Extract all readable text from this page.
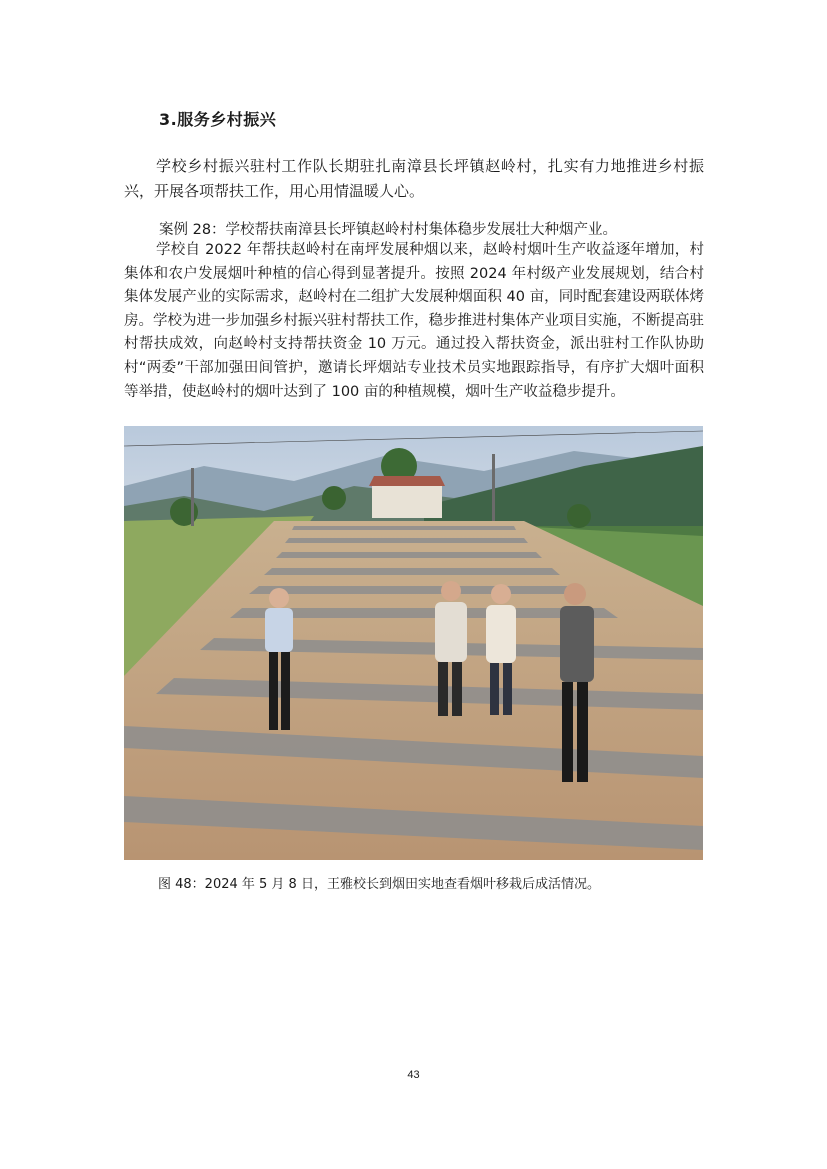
3.服务乡村振兴

学校乡村振兴驻村工作队长期驻扎南漳县长坪镇赵岭村，扎实有力地推进乡村振兴，开展各项帮扶工作，用心用情温暖人心。

案例 28：学校帮扶南漳县长坪镇赵岭村村集体稳步发展壮大种烟产业。

学校自 2022 年帮扶赵岭村在南坪发展种烟以来，赵岭村烟叶生产收益逐年增加，村集体和农户发展烟叶种植的信心得到显著提升。按照 2024 年村级产业发展规划，结合村集体发展产业的实际需求，赵岭村在二组扩大发展种烟面积 40 亩，同时配套建设两联体烤房。学校为进一步加强乡村振兴驻村帮扶工作，稳步推进村集体产业项目实施，不断提高驻村帮扶成效，向赵岭村支持帮扶资金 10 万元。通过投入帮扶资金，派出驻村工作队协助村“两委”干部加强田间管护，邀请长坪烟站专业技术员实地跟踪指导，有序扩大烟叶面积等举措，使赵岭村的烟叶达到了 100 亩的种植规模，烟叶生产收益稳步提升。

图 48：2024 年 5 月 8 日，王雅校长到烟田实地查看烟叶移栽后成活情况。
43
